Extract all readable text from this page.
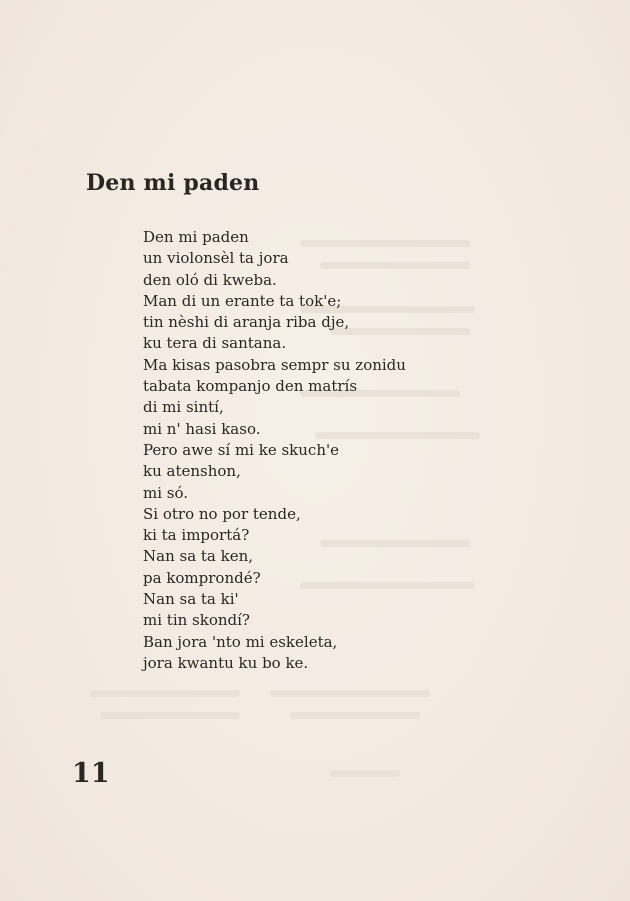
Den mi paden
Den mi paden
un violonsèl ta jora
den oló di kweba.
Man di un erante ta tok'e;
tin nèshi di aranja riba dje,
ku tera di santana.
Ma kisas pasobra sempr su zonidu
tabata kompanjo den matrís
di mi sintí,
mi n' hasi kaso.
Pero awe sí mi ke skuch'e
ku atenshon,
mi só.
Si otro no por tende,
ki ta importá?
Nan sa ta ken,
pa komprondé?
Nan sa ta ki'
mi tin skondí?
Ban jora 'nto mi eskeleta,
jora kwantu ku bo ke.
11
